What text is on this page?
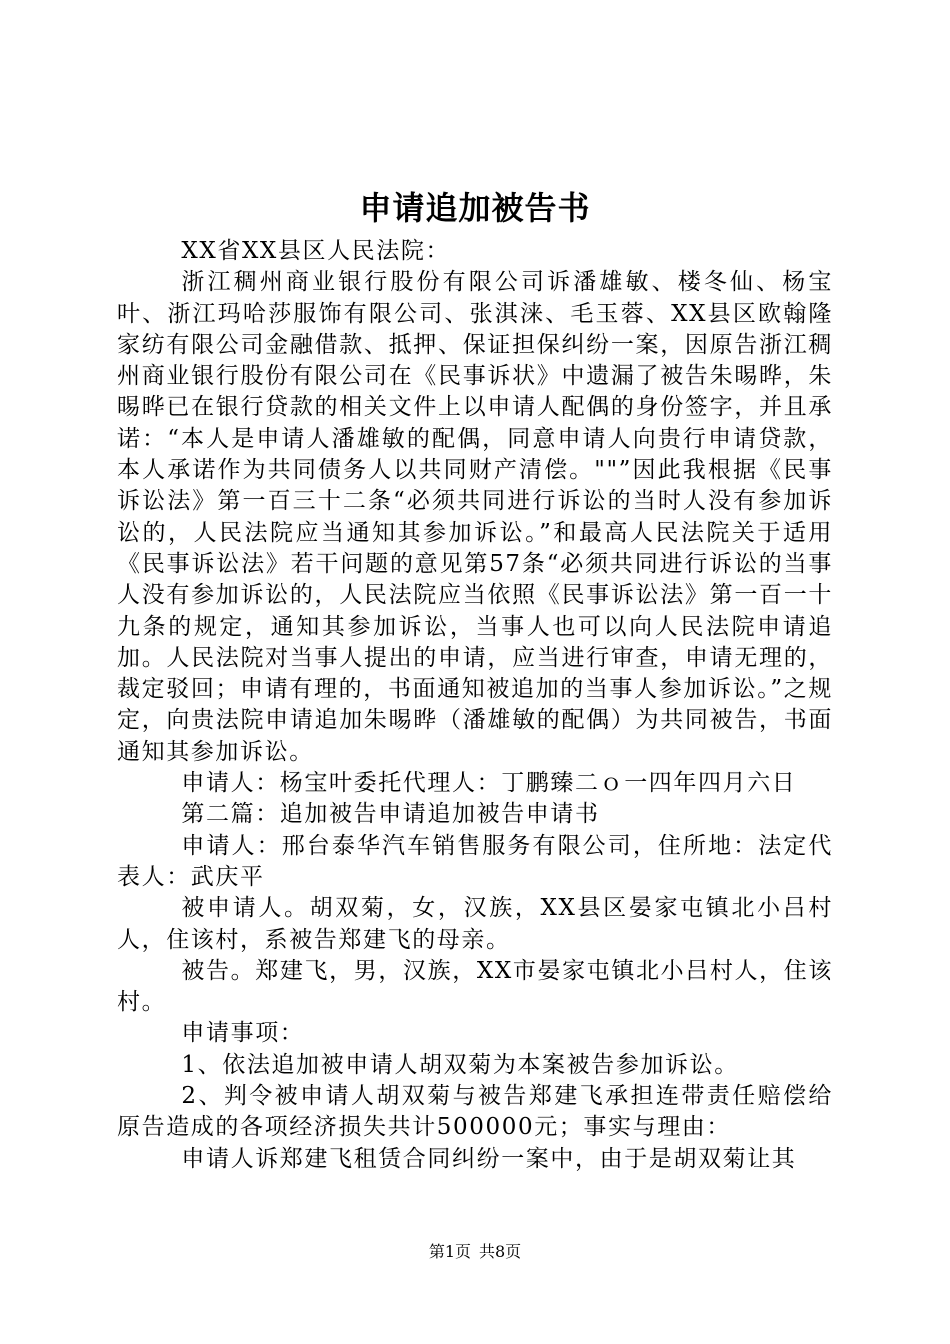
申请追加被告书

XX省XX县区人民法院：

浙江稠州商业银行股份有限公司诉潘雄敏、楼冬仙、杨宝叶、浙江玛哈莎服饰有限公司、张淇涞、毛玉蓉、XX县区欧翰隆家纺有限公司金融借款、抵押、保证担保纠纷一案，因原告浙江稠州商业银行股份有限公司在《民事诉状》中遗漏了被告朱晹晔，朱晹晔已在银行贷款的相关文件上以申请人配偶的身份签字，并且承诺：“本人是申请人潘雄敏的配偶，同意申请人向贵行申请贷款，本人承诺作为共同债务人以共同财产清偿。""”因此我根据《民事诉讼法》第一百三十二条“必须共同进行诉讼的当时人没有参加诉讼的，人民法院应当通知其参加诉讼。”和最高人民法院关于适用《民事诉讼法》若干问题的意见第57条“必须共同进行诉讼的当事人没有参加诉讼的，人民法院应当依照《民事诉讼法》第一百一十九条的规定，通知其参加诉讼，当事人也可以向人民法院申请追加。人民法院对当事人提出的申请，应当进行审查，申请无理的，裁定驳回；申请有理的，书面通知被追加的当事人参加诉讼。”之规定，向贵法院申请追加朱晹晔（潘雄敏的配偶）为共同被告，书面通知其参加诉讼。

申请人：杨宝叶委托代理人：丁鹏臻二ｏ一四年四月六日

第二篇：追加被告申请追加被告申请书

申请人：邢台泰华汽车销售服务有限公司，住所地：法定代表人：武庆平

被申请人。胡双菊，女，汉族，XX县区晏家屯镇北小吕村人，住该村，系被告郑建飞的母亲。

被告。郑建飞，男，汉族，XX市晏家屯镇北小吕村人，住该村。

申请事项：

1、依法追加被申请人胡双菊为本案被告参加诉讼。

2、判令被申请人胡双菊与被告郑建飞承担连带责任赔偿给原告造成的各项经济损失共计500000元；事实与理由：

申请人诉郑建飞租赁合同纠纷一案中，由于是胡双菊让其

第1页 共8页
